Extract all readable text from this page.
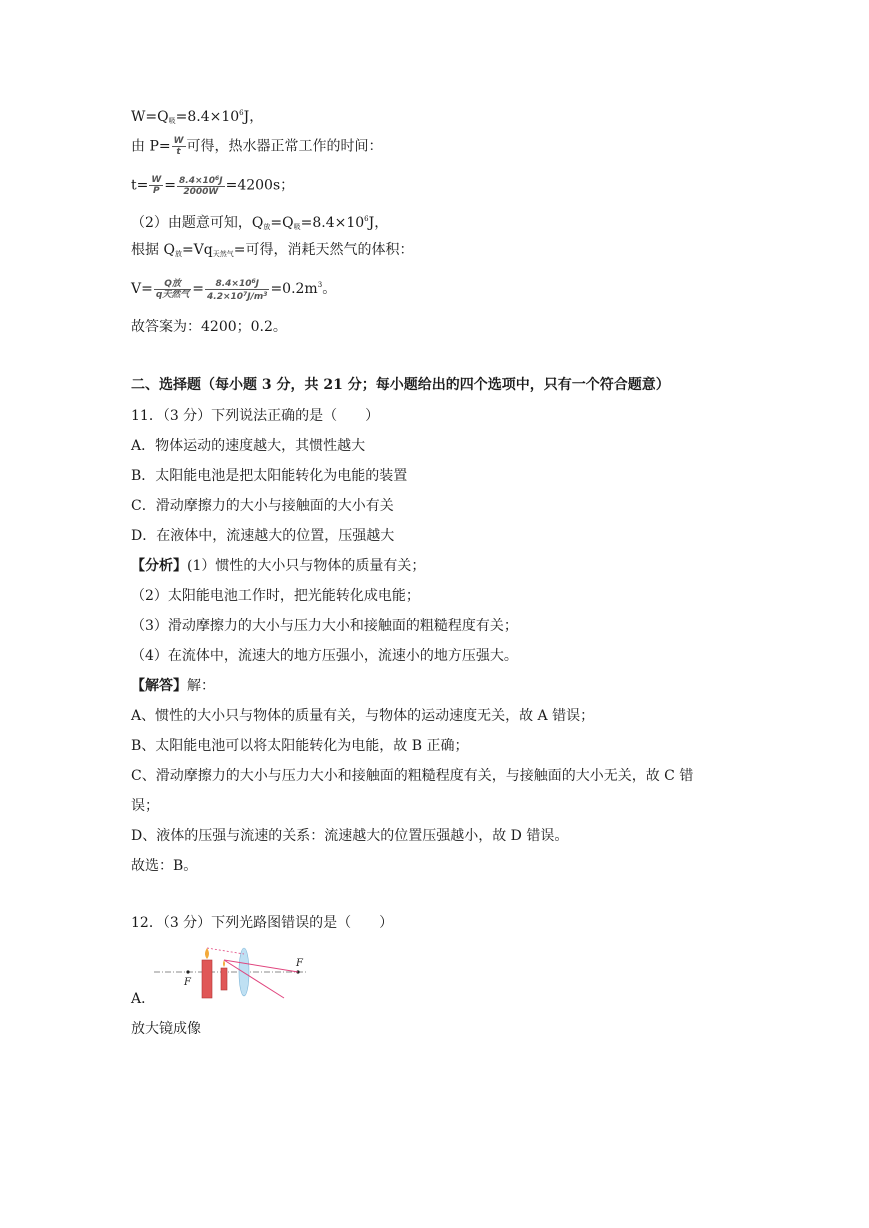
$W=Q_吸=8.4\times 10^6J$，
由 $P= \frac{W}{t}$ 可得，热水器正常工作的时间：
$t= \frac{W}{P} = \frac{8.4\times 10^6J}{2000W} =4200s$；
（2）由题意可知，$Q_放=Q_吸=8.4\times 10^6J$，
根据 $Q_放=Vq_{天然气}=$可得，消耗天然气的体积：
$V= \frac{\text{Q放}}{\text{q天然气}} = \frac{8.4\times 10^6J}{4.2\times 10^7J/m^3} =0.2m^3$。
故答案为：4200；0.2。
二、选择题（每小题 3 分，共 21 分；每小题给出的四个选项中，只有一个符合题意）
11．（3 分）下列说法正确的是（　　）
A．物体运动的速度越大，其惯性越大
B．太阳能电池是把太阳能转化为电能的装置
C．滑动摩擦力的大小与接触面的大小有关
D．在液体中，流速越大的位置，压强越大
【分析】(1）惯性的大小只与物体的质量有关；
（2）太阳能电池工作时，把光能转化成电能；
（3）滑动摩擦力的大小与压力大小和接触面的粗糙程度有关；
（4）在流体中，流速大的地方压强小，流速小的地方压强大。
【解答】解：
A、惯性的大小只与物体的质量有关，与物体的运动速度无关，故 A 错误；
B、太阳能电池可以将太阳能转化为电能，故 B 正确；
C、滑动摩擦力的大小与压力大小和接触面的粗糙程度有关，与接触面的大小无关，故 C 错
误；
D、液体的压强与流速的关系：流速越大的位置压强越小，故 D 错误。
故选：B。
12．（3 分）下列光路图错误的是（　　）
F
F
A．
放大镜成像
